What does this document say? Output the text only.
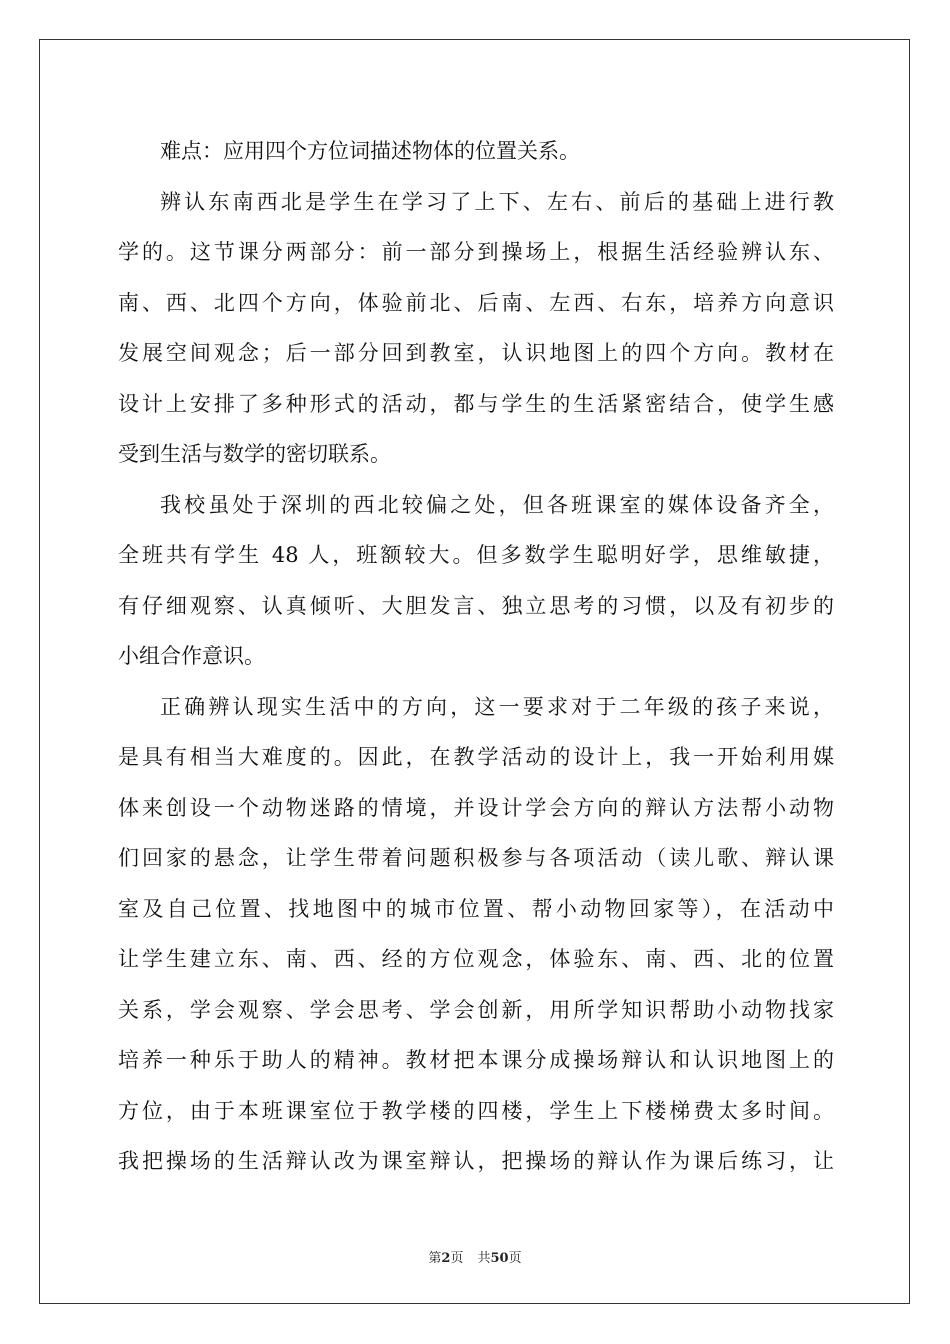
难点：应用四个方位词描述物体的位置关系。
辨认东南西北是学生在学习了上下、左右、前后的基础上进行教
学的。这节课分两部分：前一部分到操场上，根据生活经验辨认东、
南、西、北四个方向，体验前北、后南、左西、右东，培养方向意识
发展空间观念；后一部分回到教室，认识地图上的四个方向。教材在
设计上安排了多种形式的活动，都与学生的生活紧密结合，使学生感
受到生活与数学的密切联系。
我校虽处于深圳的西北较偏之处，但各班课室的媒体设备齐全，
全班共有学生 48 人，班额较大。但多数学生聪明好学，思维敏捷，
有仔细观察、认真倾听、大胆发言、独立思考的习惯，以及有初步的
小组合作意识。
正确辨认现实生活中的方向，这一要求对于二年级的孩子来说，
是具有相当大难度的。因此，在教学活动的设计上，我一开始利用媒
体来创设一个动物迷路的情境，并设计学会方向的辩认方法帮小动物
们回家的悬念，让学生带着问题积极参与各项活动（读儿歌、辩认课
室及自己位置、找地图中的城市位置、帮小动物回家等），在活动中
让学生建立东、南、西、经的方位观念，体验东、南、西、北的位置
关系，学会观察、学会思考、学会创新，用所学知识帮助小动物找家
培养一种乐于助人的精神。教材把本课分成操场辩认和认识地图上的
方位，由于本班课室位于教学楼的四楼，学生上下楼梯费太多时间。
我把操场的生活辩认改为课室辩认，把操场的辩认作为课后练习，让
第2页 共50页
